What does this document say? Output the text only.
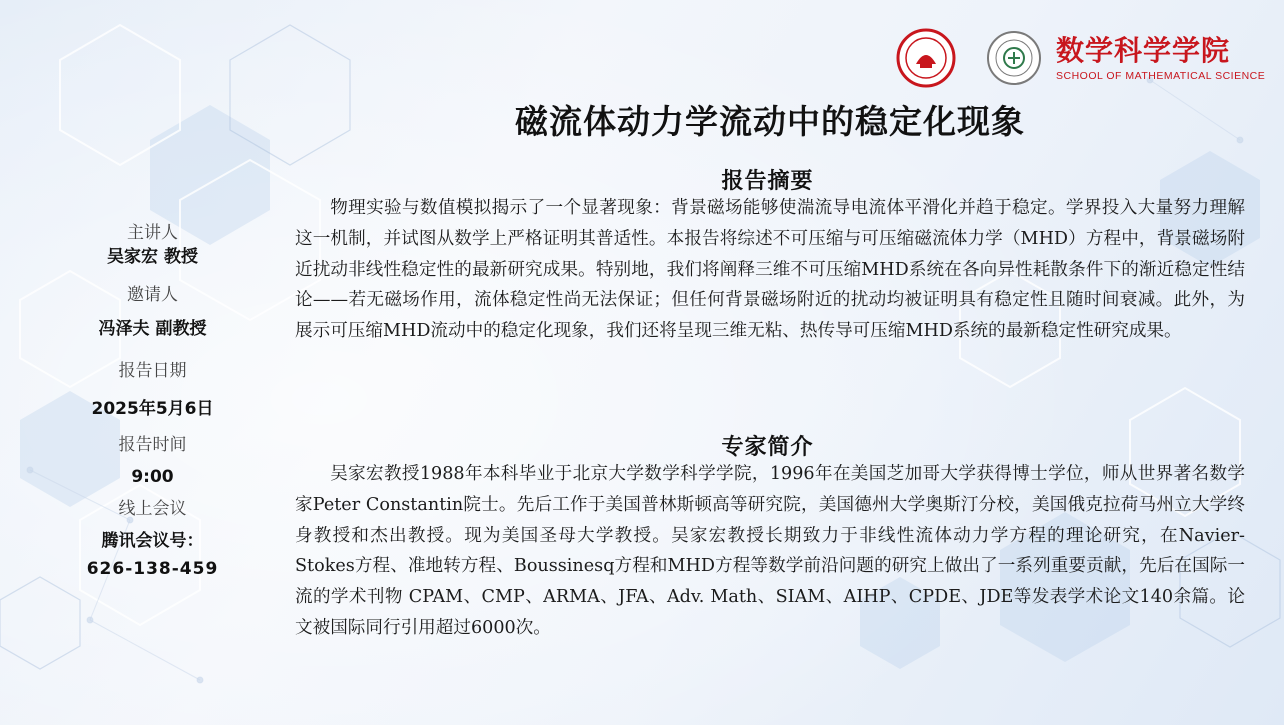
数学科学学院
SCHOOL OF MATHEMATICAL SCIENCE
磁流体动力学流动中的稳定化现象
主讲人
吴家宏 教授
邀请人
冯泽夫 副教授
报告日期
2025年5月6日
报告时间
9:00
线上会议
腾讯会议号：
626-138-459
报告摘要

物理实验与数值模拟揭示了一个显著现象：背景磁场能够使湍流导电流体平滑化并趋于稳定。学界投入大量努力理解这一机制，并试图从数学上严格证明其普适性。本报告将综述不可压缩与可压缩磁流体力学（MHD）方程中，背景磁场附近扰动非线性稳定性的最新研究成果。特别地，我们将阐释三维不可压缩MHD系统在各向异性耗散条件下的渐近稳定性结论——若无磁场作用，流体稳定性尚无法保证；但任何背景磁场附近的扰动均被证明具有稳定性且随时间衰减。此外，为展示可压缩MHD流动中的稳定化现象，我们还将呈现三维无粘、热传导可压缩MHD系统的最新稳定性研究成果。

专家简介

吴家宏教授1988年本科毕业于北京大学数学科学学院，1996年在美国芝加哥大学获得博士学位，师从世界著名数学家Peter Constantin院士。先后工作于美国普林斯顿高等研究院，美国德州大学奥斯汀分校，美国俄克拉荷马州立大学终身教授和杰出教授。现为美国圣母大学教授。吴家宏教授长期致力于非线性流体动力学方程的理论研究，在Navier-Stokes方程、准地转方程、Boussinesq方程和MHD方程等数学前沿问题的研究上做出了一系列重要贡献，先后在国际一流的学术刊物 CPAM、CMP、ARMA、JFA、Adv. Math、SIAM、AIHP、CPDE、JDE等发表学术论文140余篇。论文被国际同行引用超过6000次。
